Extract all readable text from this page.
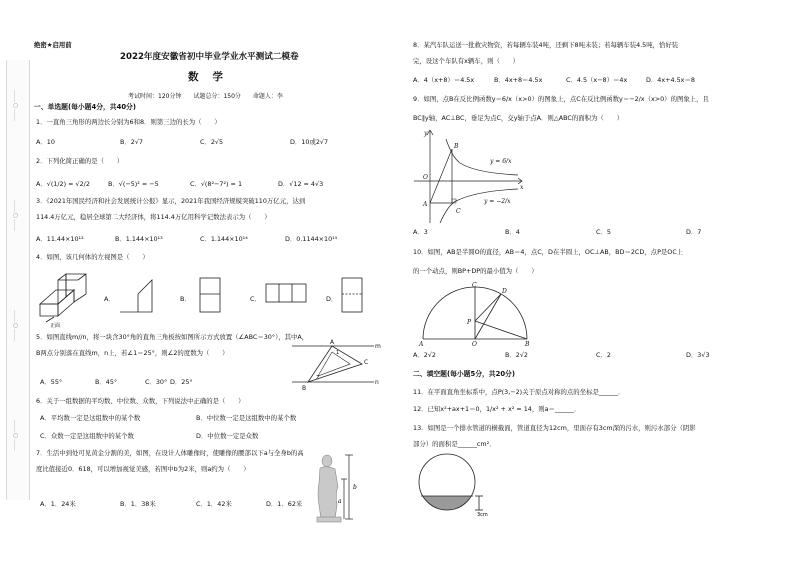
……○……
……○……
……○……
……○……
绝密★启用前
2022年度安徽省初中毕业学业水平测试二模卷
数学
考试时间：120分钟　　试题总分：150分　　命题人：李
一、单选题(每小题4分，共40分)
1．一直角三角形的两边长分别为6和8．则第三边的长为（　　）
A．10	B．2√7	C．2√5	D．10或2√7
2．下列化简正确的是（　　）
A．√(1/2) = √2/2	B．√(−5)² = −5	C．√(8²−7²) = 1	D．√12 = 4√3
3．《2021年国民经济和社会发展统计公报》显示，2021年我国经济规模突破110万亿元，达到
114.4万亿元，稳居全球第二大经济体，将114.4万亿用科学记数法表示为（　　）
A．11.44×10¹²	B．1.144×10¹³	C．1.144×10¹⁴	D．0.1144×10¹⁵
4．如图，该几何体的左视图是（　　）
正面
A．	B．	C．	D．
5．如图直线m//n，将一块含30°角的直角三角板按如图所示方式放置（∠ABC＝30°），其中A，
B两点分别落在直线m，n上，若∠1＝25°，则∠2的度数为（　　）
A
B
C
m
n
1
2
A．55°	B．45°	C．30° D．25°
6．关于一组数据的平均数、中位数、众数，下列说法中正确的是（　　）
A．平均数一定是这组数中的某个数	B．中位数一定是这组数中的某个数
C．众数一定是这组数中的某个数	D．中位数一定是众数
7．生活中到处可见黄金分割的美，如图，在设计人体雕像时，使雕像的腰部以下a与全身b的高
度比值接近0．618，可以增加视觉美感，若图中b为2米，则a约为（　　）
a
b
A．1．24米	B．1．38米	C．1．42米	D．1．62米
8．某汽车队运送一批救灾物资，若每辆车装4吨，还剩下8吨未装；若每辆车装4.5吨，恰好装
完，设这个车队有x辆车，则（　　）
A．4（x+8）＝4.5x	B．4x+8＝4.5x	C．4.5（x−8）＝4x	D．4x+4.5x＝8
9．如图，点B在反比例函数y＝6/x（x>0）的图象上，点C在反比例函数y＝−2/x（x>0）的图象上，且
BC∥y轴，AC⊥BC，垂足为点C，交y轴于点A．则△ABC的面积为（　　）
y
x
O
A
B
C
y = 6/x
y = −2/x
A．3	B．4	C．5	D．7
10．如图，AB是半圆O的直径，AB＝4，点C，D在半圆上，OC⊥AB，BD＝2CD，点P是OC上
的一个动点，则BP+DP的最小值为（　　）
A	B
C
D
O
P
A．2√2	B．2√2	C．2	D．3√3
二、填空题(每小题5分，共20分)
11．在平面直角坐标系中，点P(3,−2)关于原点对称的点的坐标是______．
12．已知x²+ax+1＝0，1/x² + x² = 14，则a＝______．
13．如图是一个排水管道的横截面，管道直径为12cm，里面存有3cm深的污水，则污水部分（阴影
部分）的面积是______cm²．
3cm
